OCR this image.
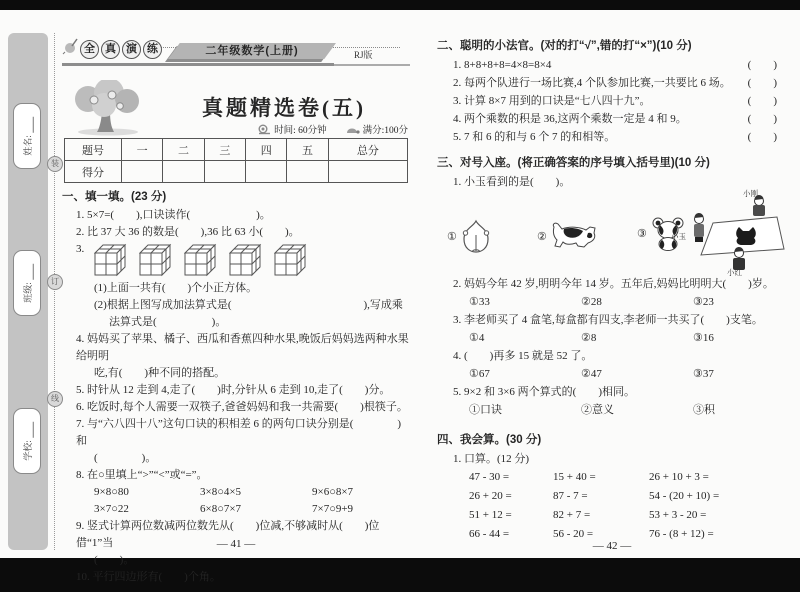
装
订
线
姓名:
班级:
学校:
◀
全 真 演 练	二年级数学(上册)	RJ版
真题精选卷(五)
时间: 60分钟	满分:100分
题号	一	二	三	四	五	总分
得分						
一、填一填。(23 分)
1. 5×7=(　　),口诀读作(　　　　　　)。
2. 比 37 大 36 的数是(　　),36 比 63 小(　　)。
3.
(1)上面一共有(　　)个小正方体。
(2)根据上图写成加法算式是(　　　　　　　　　　　　),写成乘
法算式是(　　　　　)。
4. 妈妈买了苹果、橘子、西瓜和香蕉四种水果,晚饭后妈妈选两种水果给明明
吃,有(　　)种不同的搭配。
5. 时针从 12 走到 4,走了(　　)时,分针从 6 走到 10,走了(　　)分。
6. 吃饭时,每个人需要一双筷子,爸爸妈妈和我一共需要(　　)根筷子。
7. 与“六八四十八”这句口诀的积相差 6 的两句口诀分别是(　　　　)和
(　　　　)。
8. 在○里填上“>”“<”或“=”。
9×8○80	3×8○4×5	9×6○8×7
3×7○22	6×8○7×7	7×7○9+9
9. 竖式计算两位数减两位数先从(　　)位减,不够减时从(　　)位借“1”当
(　　)。
10. 平行四边形有(　　)个角。
— 41 —
二、聪明的小法官。(对的打“√”,错的打“×”)(10 分)
1. 8+8+8+8=4×8=8×4	(　　)
2. 每两个队进行一场比赛,4 个队参加比赛,一共要比 6 场。 (　　)
3. 计算 8×7 用到的口诀是“七八四十九”。	(　　)
4. 两个乘数的积是 36,这两个乘数一定是 4 和 9。	(　　)
5. 7 和 6 的和与 6 个 7 的和相等。	(　　)
三、对号入座。(将正确答案的序号填入括号里)(10 分)
1. 小玉看到的是(　　)。
①	②	③
小刚
小玉
小红
2. 妈妈今年 42 岁,明明今年 14 岁。五年后,妈妈比明明大(　　)岁。
①33	②28	③23
3. 李老师买了 4 盒笔,每盒都有四支,李老师一共买了(　　)支笔。
①4	②8	③16
4. (　　)再多 15 就是 52 了。
①67	②47	③37
5. 9×2 和 3×6 两个算式的(　　)相同。
①口诀	②意义	③积
四、我会算。(30 分)
1. 口算。(12 分)
47 - 30 =	15 + 40 =	26 + 10 + 3 =
26 + 20 =	87 - 7 =	54 - (20 + 10) =
51 + 12 =	82 + 7 =	53 + 3 - 20 =
66 - 44 =	56 - 20 =	76 - (8 + 12) =
— 42 —
